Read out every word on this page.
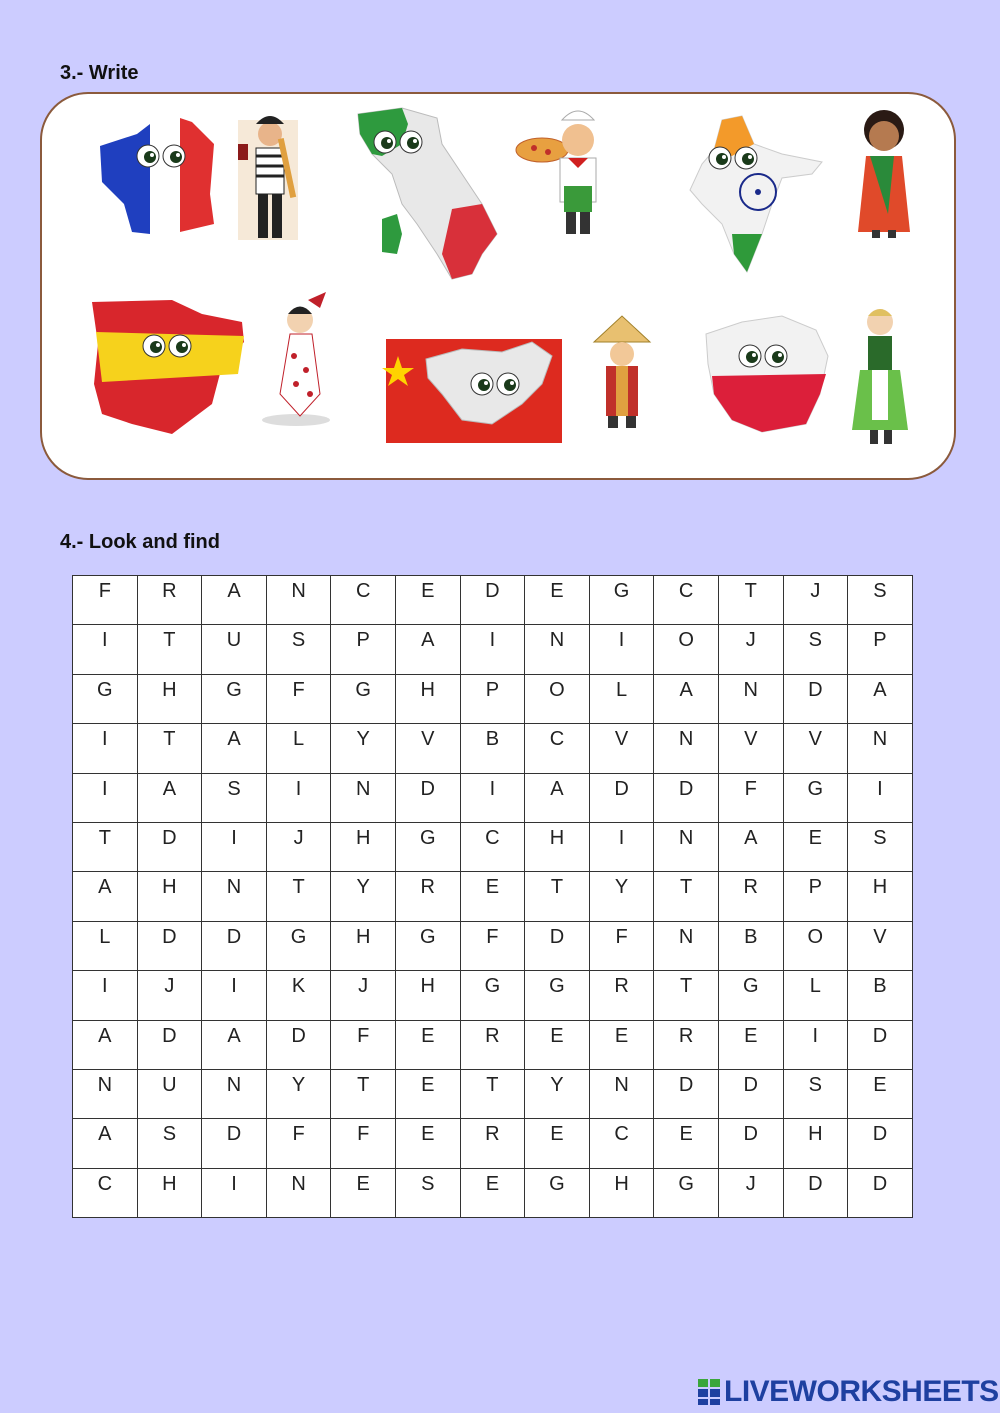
3.- Write
4.- Look and find
F	R	A	N	C	E	D	E	G	C	T	J	S
I	T	U	S	P	A	I	N	I	O	J	S	P
G	H	G	F	G	H	P	O	L	A	N	D	A
I	T	A	L	Y	V	B	C	V	N	V	V	N
I	A	S	I	N	D	I	A	D	D	F	G	I
T	D	I	J	H	G	C	H	I	N	A	E	S
A	H	N	T	Y	R	E	T	Y	T	R	P	H
L	D	D	G	H	G	F	D	F	N	B	O	V
I	J	I	K	J	H	G	G	R	T	G	L	B
A	D	A	D	F	E	R	E	E	R	E	I	D
N	U	N	Y	T	E	T	Y	N	D	D	S	E
A	S	D	F	F	E	R	E	C	E	D	H	D
C	H	I	N	E	S	E	G	H	G	J	D	D
LIVEWORKSHEETS
